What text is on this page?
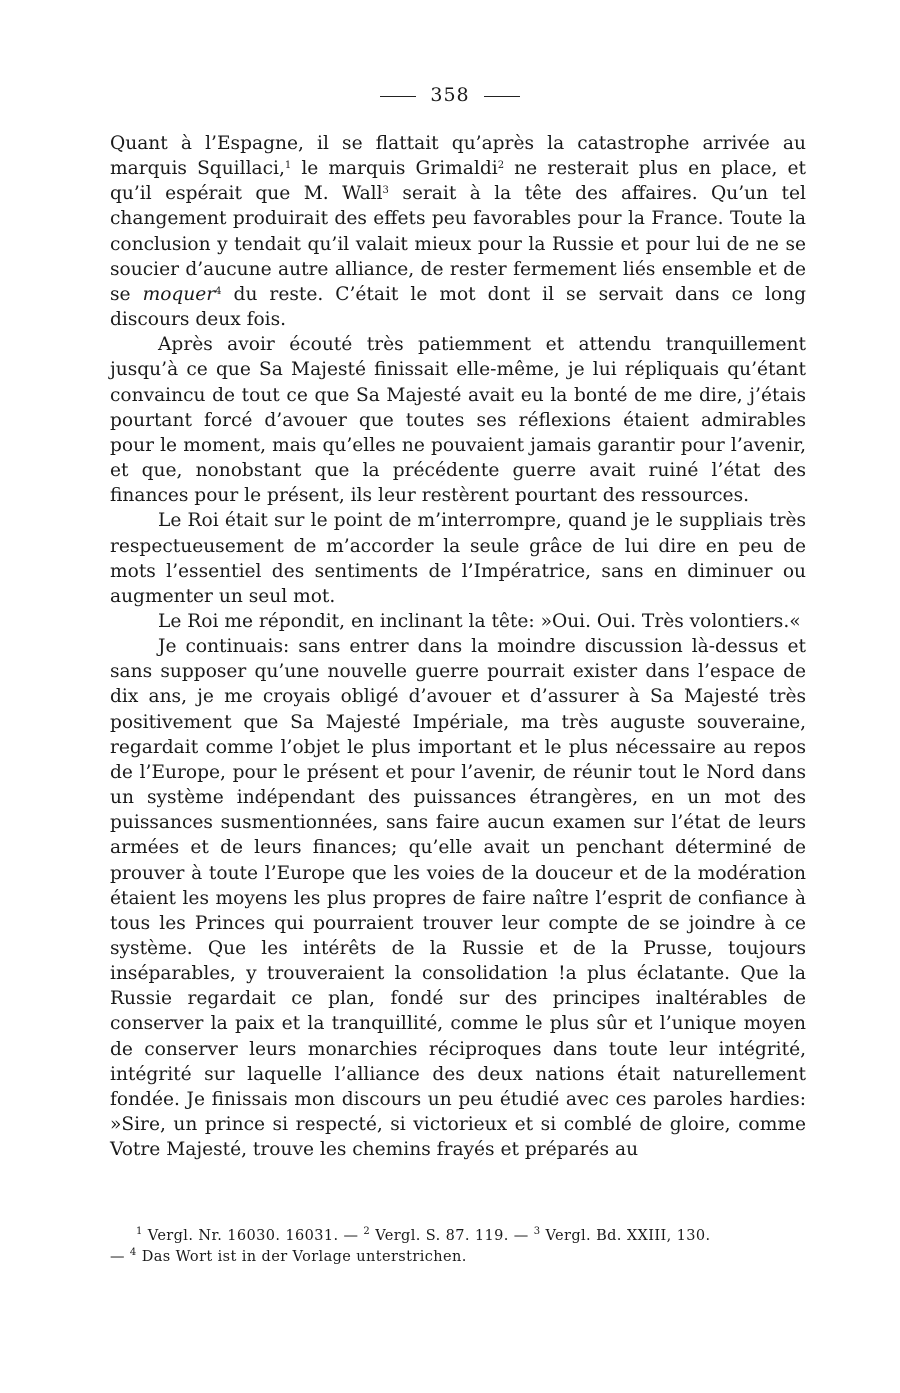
358

Quant à l’Espagne, il se flattait qu’après la catastrophe arrivée au marquis Squillaci,$^1$ le marquis Grimaldi$^2$ ne resterait plus en place, et qu’il espérait que M. Wall$^3$ serait à la tête des affaires. Qu’un tel changement produirait des effets peu favorables pour la France. Toute la conclusion y tendait qu’il valait mieux pour la Russie et pour lui de ne se soucier d’aucune autre alliance, de rester fermement liés ensemble et de se moquer$^4$ du reste. C’était le mot dont il se servait dans ce long discours deux fois.

Après avoir écouté très patiemment et attendu tranquillement jusqu’à ce que Sa Majesté finissait elle-même, je lui répliquais qu’étant convaincu de tout ce que Sa Majesté avait eu la bonté de me dire, j’étais pourtant forcé d’avouer que toutes ses réflexions étaient admirables pour le moment, mais qu’elles ne pouvaient jamais garantir pour l’avenir, et que, nonobstant que la précédente guerre avait ruiné l’état des finances pour le présent, ils leur restèrent pourtant des ressources.

Le Roi était sur le point de m’interrompre, quand je le suppliais très respectueusement de m’accorder la seule grâce de lui dire en peu de mots l’essentiel des sentiments de l’Impératrice, sans en diminuer ou augmenter un seul mot.

Le Roi me répondit, en inclinant la tête: »Oui. Oui. Très volontiers.«

Je continuais: sans entrer dans la moindre discussion là-dessus et sans supposer qu’une nouvelle guerre pourrait exister dans l’espace de dix ans, je me croyais obligé d’avouer et d’assurer à Sa Majesté très positivement que Sa Majesté Impériale, ma très auguste souveraine, regardait comme l’objet le plus important et le plus nécessaire au repos de l’Europe, pour le présent et pour l’avenir, de réunir tout le Nord dans un système indépendant des puissances étrangères, en un mot des puissances susmentionnées, sans faire aucun examen sur l’état de leurs armées et de leurs finances; qu’elle avait un penchant déterminé de prouver à toute l’Europe que les voies de la douceur et de la modération étaient les moyens les plus propres de faire naître l’esprit de confiance à tous les Princes qui pourraient trouver leur compte de se joindre à ce système. Que les intérêts de la Russie et de la Prusse, toujours inséparables, y trouveraient la consolidation !a plus éclatante. Que la Russie regardait ce plan, fondé sur des principes inaltérables de conserver la paix et la tranquillité, comme le plus sûr et l’unique moyen de conserver leurs monarchies réciproques dans toute leur intégrité, intégrité sur laquelle l’alliance des deux nations était naturellement fondée. Je finissais mon discours un peu étudié avec ces paroles hardies: »Sire, un prince si respecté, si victorieux et si comblé de gloire, comme Votre Majesté, trouve les chemins frayés et préparés au

$^1$ Vergl. Nr. 16030. 16031. — $^2$ Vergl. S. 87. 119. — $^3$ Vergl. Bd. XXIII, 130.
— $^4$ Das Wort ist in der Vorlage unterstrichen.
